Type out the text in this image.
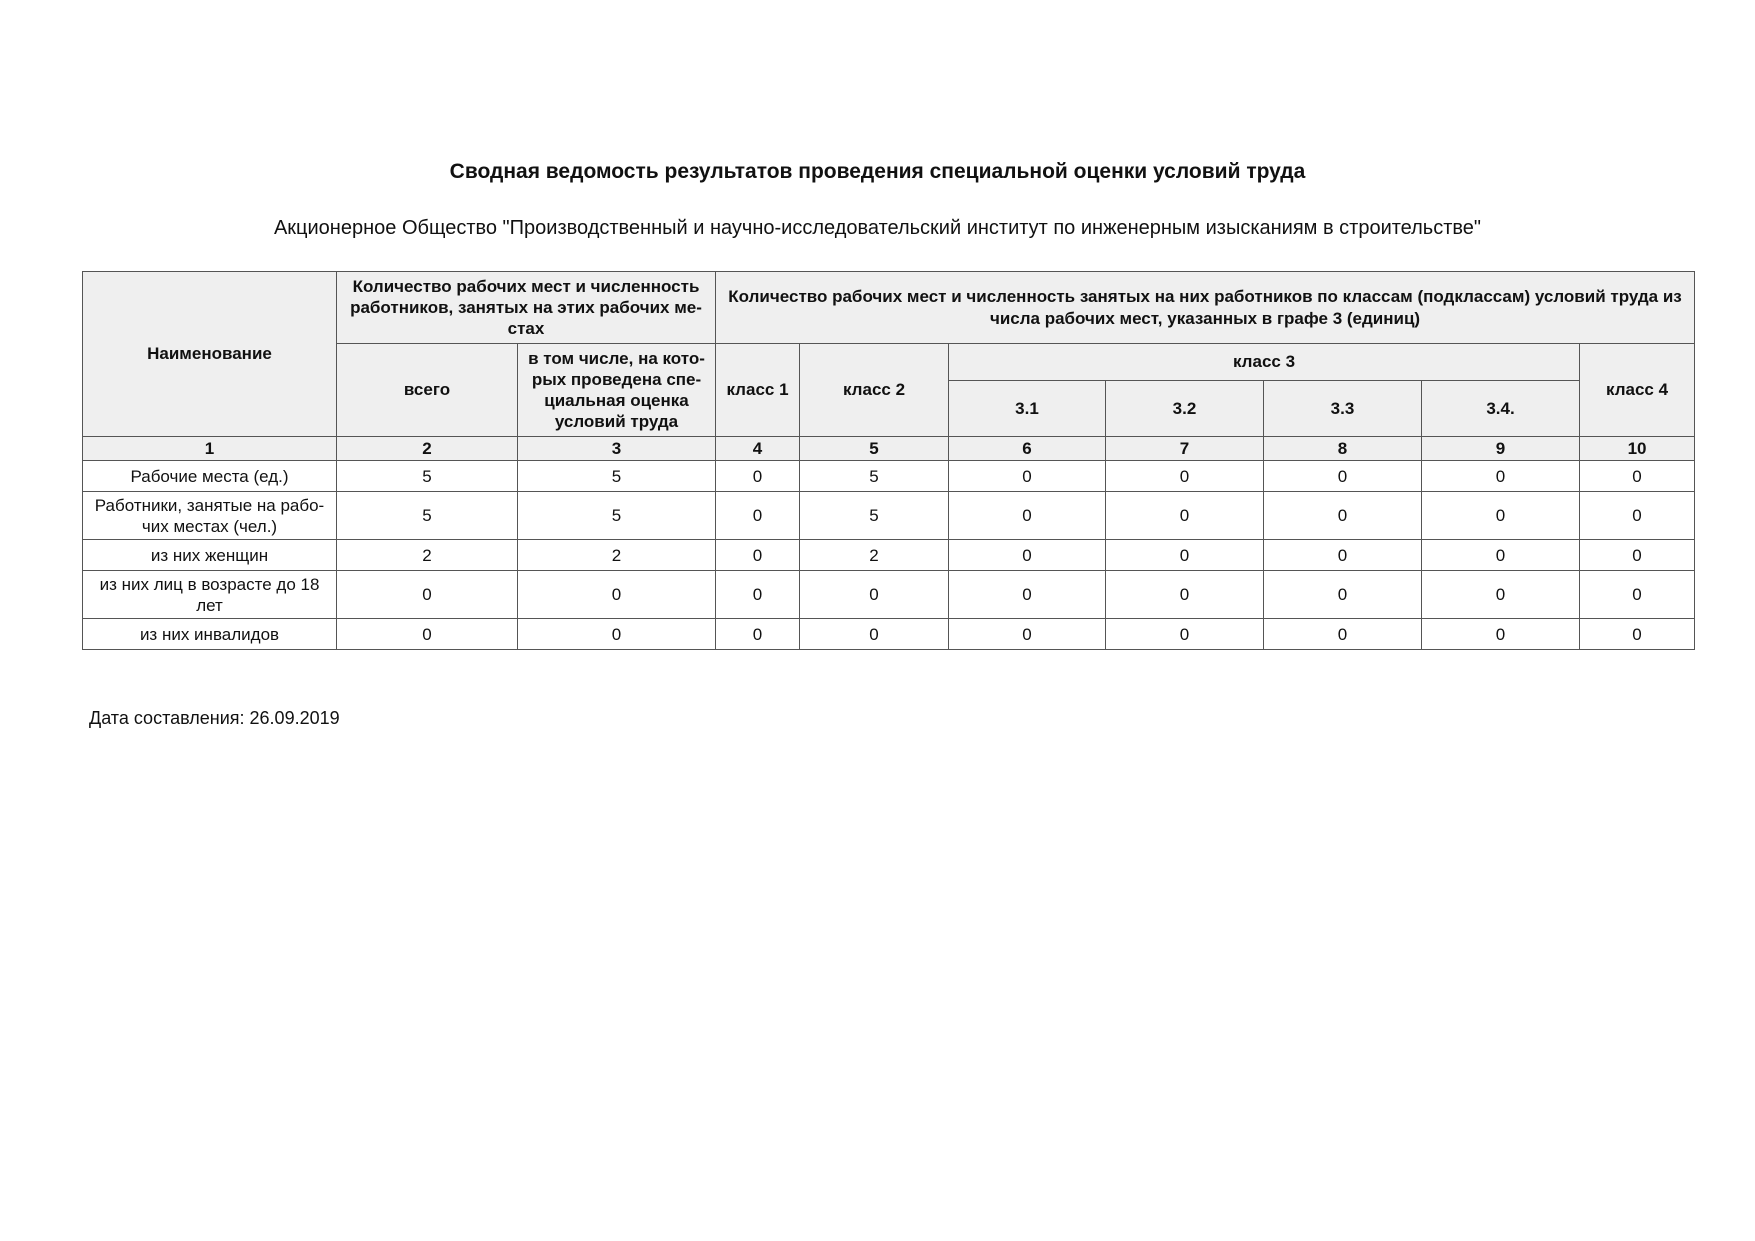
Сводная ведомость результатов проведения специальной оценки условий труда
Акционерное Общество "Производственный и научно-исследовательский институт по инженерным изысканиям в строительстве"
Наименование	Количество рабочих мест и численность работников, занятых на этих рабочих ме-стах		Количество рабочих мест и численность занятых на них работников по классам (подклассам) условий труда из числа рабочих мест, указанных в графе 3 (единиц)						
	всего	в том числе, на кото-рых проведена спе-циальная оценка условий труда	класс 1	класс 2	класс 3				класс 4
					3.1	3.2	3.3	3.4.	
1	2	3	4	5	6	7	8	9	10
Рабочие места (ед.)	5	5	0	5	0	0	0	0	0
Работники, занятые на рабо-чих местах (чел.)	5	5	0	5	0	0	0	0	0
из них женщин	2	2	0	2	0	0	0	0	0
из них лиц в возрасте до 18 лет	0	0	0	0	0	0	0	0	0
из них инвалидов	0	0	0	0	0	0	0	0	0
Дата составления: 26.09.2019
